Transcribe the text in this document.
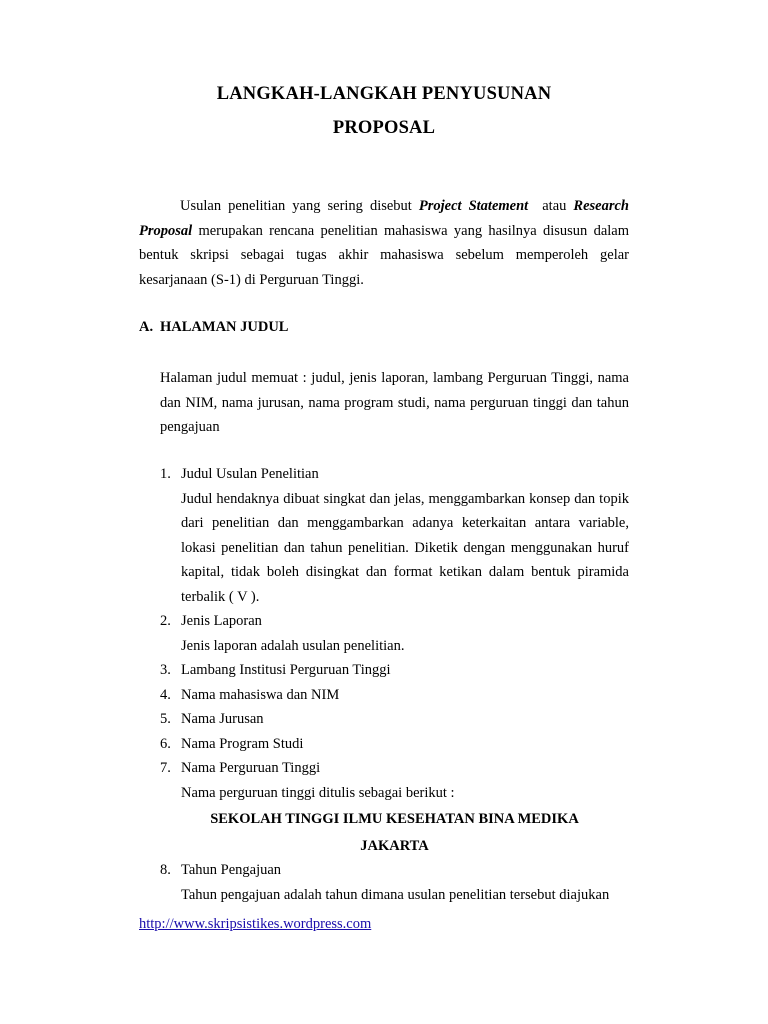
LANGKAH-LANGKAH PENYUSUNAN
PROPOSAL
Usulan penelitian yang sering disebut Project Statement  atau Research Proposal merupakan rencana penelitian mahasiswa yang hasilnya disusun dalam bentuk skripsi sebagai tugas akhir mahasiswa sebelum memperoleh gelar kesarjanaan (S-1) di Perguruan Tinggi.
A. HALAMAN JUDUL
Halaman judul memuat : judul, jenis laporan, lambang Perguruan Tinggi, nama dan NIM, nama jurusan, nama program studi, nama perguruan tinggi dan tahun pengajuan
1. Judul Usulan Penelitian
Judul hendaknya dibuat singkat dan jelas, menggambarkan konsep dan topik dari penelitian dan menggambarkan adanya keterkaitan antara variable, lokasi penelitian dan tahun penelitian. Diketik dengan menggunakan huruf kapital, tidak boleh disingkat dan format ketikan dalam bentuk piramida terbalik ( V ).
2. Jenis Laporan
Jenis laporan adalah usulan penelitian.
3. Lambang Institusi Perguruan Tinggi
4. Nama mahasiswa dan NIM
5. Nama Jurusan
6. Nama Program Studi
7. Nama Perguruan Tinggi
Nama perguruan tinggi ditulis sebagai berikut :
SEKOLAH TINGGI ILMU KESEHATAN BINA MEDIKA
JAKARTA
8. Tahun Pengajuan
Tahun pengajuan adalah tahun dimana usulan penelitian tersebut diajukan
http://www.skripsistikes.wordpress.com
